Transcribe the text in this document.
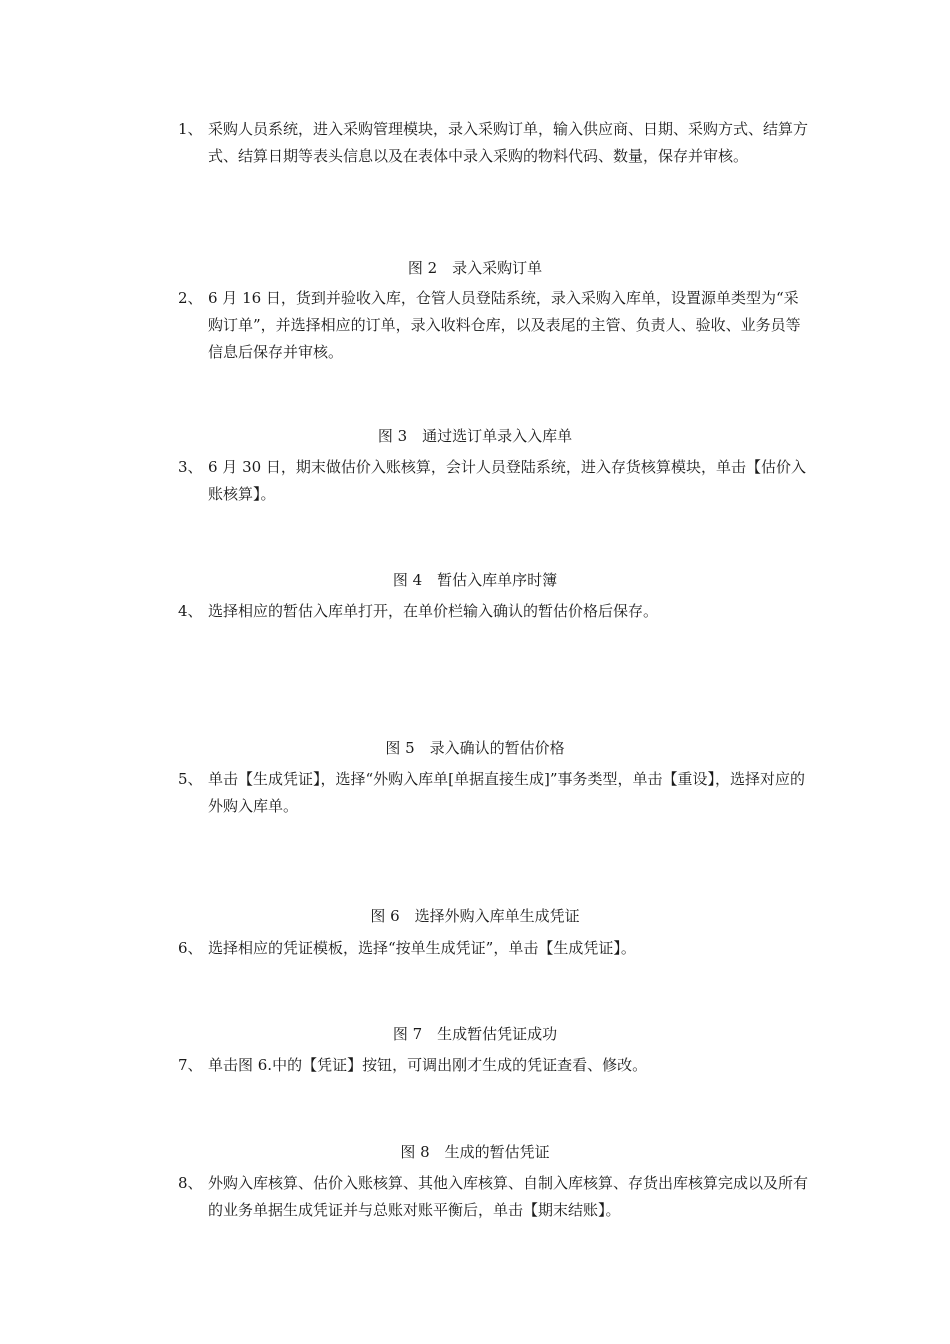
1、 采购人员系统，进入采购管理模块，录入采购订单，输入供应商、日期、采购方式、结算方式、结算日期等表头信息以及在表体中录入采购的物料代码、数量，保存并审核。
图 2　录入采购订单
2、 6 月 16 日，货到并验收入库，仓管人员登陆系统，录入采购入库单，设置源单类型为“采购订单”，并选择相应的订单，录入收料仓库，以及表尾的主管、负责人、验收、业务员等信息后保存并审核。
图 3　通过选订单录入入库单
3、 6 月 30 日，期末做估价入账核算，会计人员登陆系统，进入存货核算模块，单击【估价入账核算】。
图 4　暂估入库单序时簿
4、 选择相应的暂估入库单打开，在单价栏输入确认的暂估价格后保存。
图 5　录入确认的暂估价格
5、 单击【生成凭证】，选择“外购入库单[单据直接生成]”事务类型，单击【重设】，选择对应的外购入库单。
图 6　选择外购入库单生成凭证
6、 选择相应的凭证模板，选择“按单生成凭证”，单击【生成凭证】。
图 7　生成暂估凭证成功
7、 单击图 6.中的【凭证】按钮，可调出刚才生成的凭证查看、修改。
图 8　生成的暂估凭证
8、 外购入库核算、估价入账核算、其他入库核算、自制入库核算、存货出库核算完成以及所有的业务单据生成凭证并与总账对账平衡后，单击【期末结账】。
